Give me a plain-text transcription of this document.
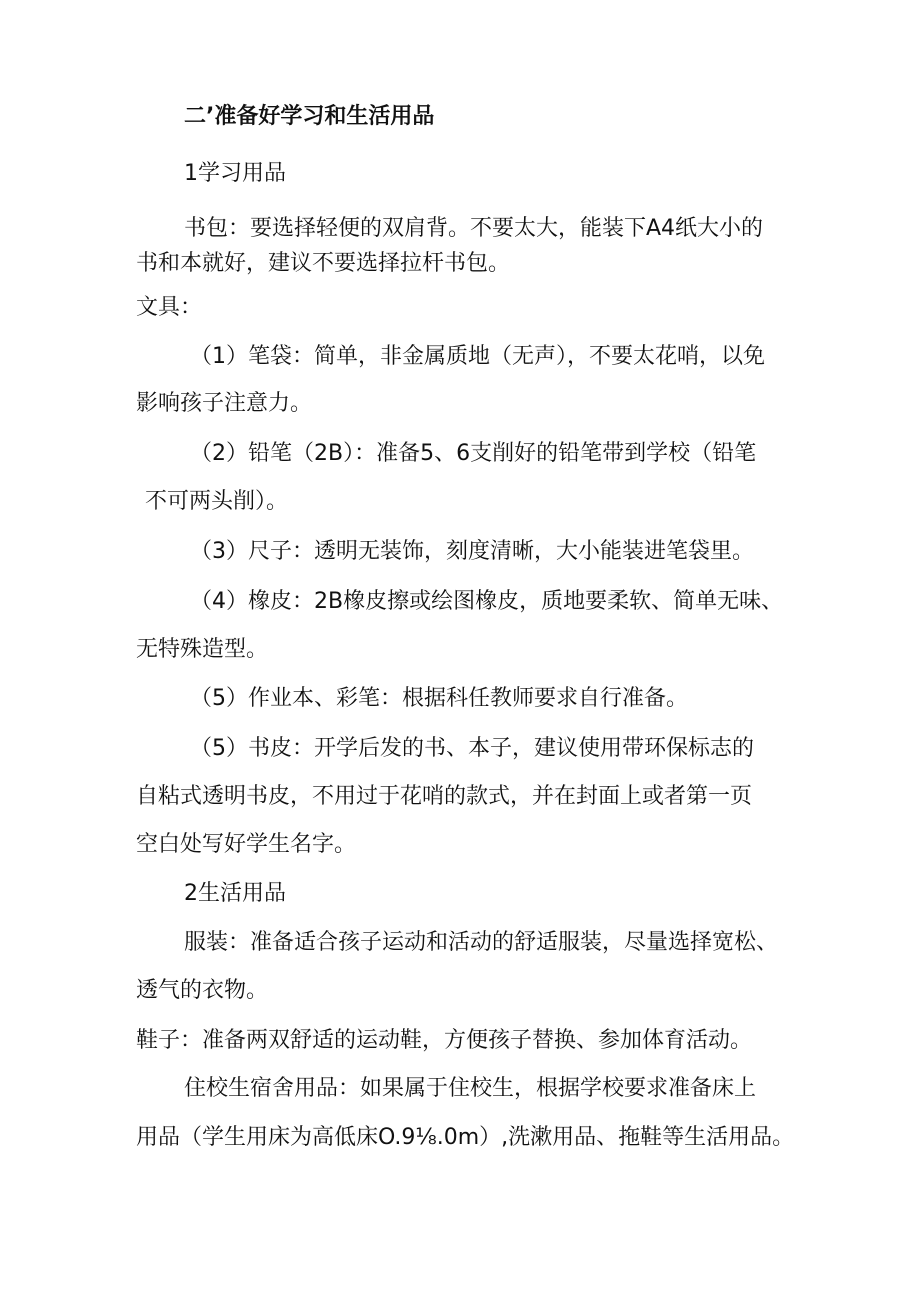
二’准备好学习和生活用品
1学习用品
书包：要选择轻便的双肩背。不要太大，能装下A4纸大小的
书和本就好，建议不要选择拉杆书包。
文具：
（1）笔袋：简单，非金属质地（无声），不要太花哨，以免
影响孩子注意力。
（2）铅笔（2B）：准备5、6支削好的铅笔带到学校（铅笔
不可两头削）。
（3）尺子：透明无装饰，刻度清晰，大小能装进笔袋里。
（4）橡皮：2B橡皮擦或绘图橡皮，质地要柔软、简单无味、
无特殊造型。
（5）作业本、彩笔：根据科任教师要求自行准备。
（5）书皮：开学后发的书、本子，建议使用带环保标志的
自粘式透明书皮，不用过于花哨的款式，并在封面上或者第一页
空白处写好学生名字。
2生活用品
服装：准备适合孩子运动和活动的舒适服装，尽量选择宽松、
透气的衣物。
鞋子：准备两双舒适的运动鞋，方便孩子替换、参加体育活动。
住校生宿舍用品：如果属于住校生，根据学校要求准备床上
用品（学生用床为高低床O.9⅛.0m）,洗漱用品、拖鞋等生活用品。
